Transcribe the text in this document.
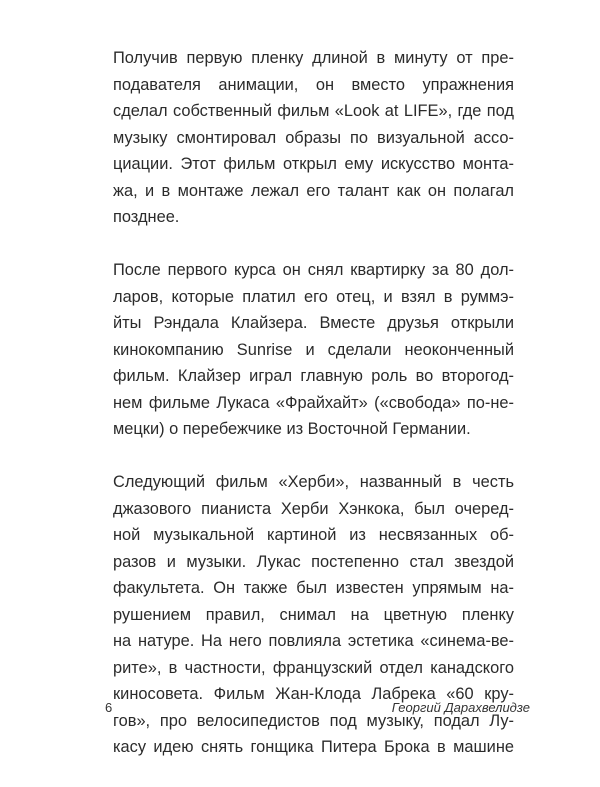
Получив первую пленку длиной в минуту от пре-
подавателя анимации, он вместо упражнения
сделал собственный фильм «Look at LIFE», где под
музыку смонтировал образы по визуальной ассо-
циации. Этот фильм открыл ему искусство монта-
жа, и в монтаже лежал его талант как он полагал
позднее.

После первого курса он снял квартирку за 80 дол-
ларов, которые платил его отец, и взял в руммэ-
йты Рэндала Клайзера. Вместе друзья открыли
кинокомпанию Sunrise и сделали неоконченный
фильм. Клайзер играл главную роль во второгод-
нем фильме Лукаса «Фрайхайт» («свобода» по-не-
мецки) о перебежчике из Восточной Германии.

Следующий фильм «Херби», названный в честь
джазового пианиста Херби Хэнкока, был очеред-
ной музыкальной картиной из несвязанных об-
разов и музыки. Лукас постепенно стал звездой
факультета. Он также был известен упрямым на-
рушением правил, снимал на цветную пленку
на натуре. На него повлияла эстетика «синема-ве-
рите», в частности, французский отдел канадского
киносовета. Фильм Жан-Клода Лабрека «60 кру-
гов», про велосипедистов под музыку, подал Лу-
касу идею снять гонщика Питера Брока в машине

6	Георгий Дарахвелидзе
